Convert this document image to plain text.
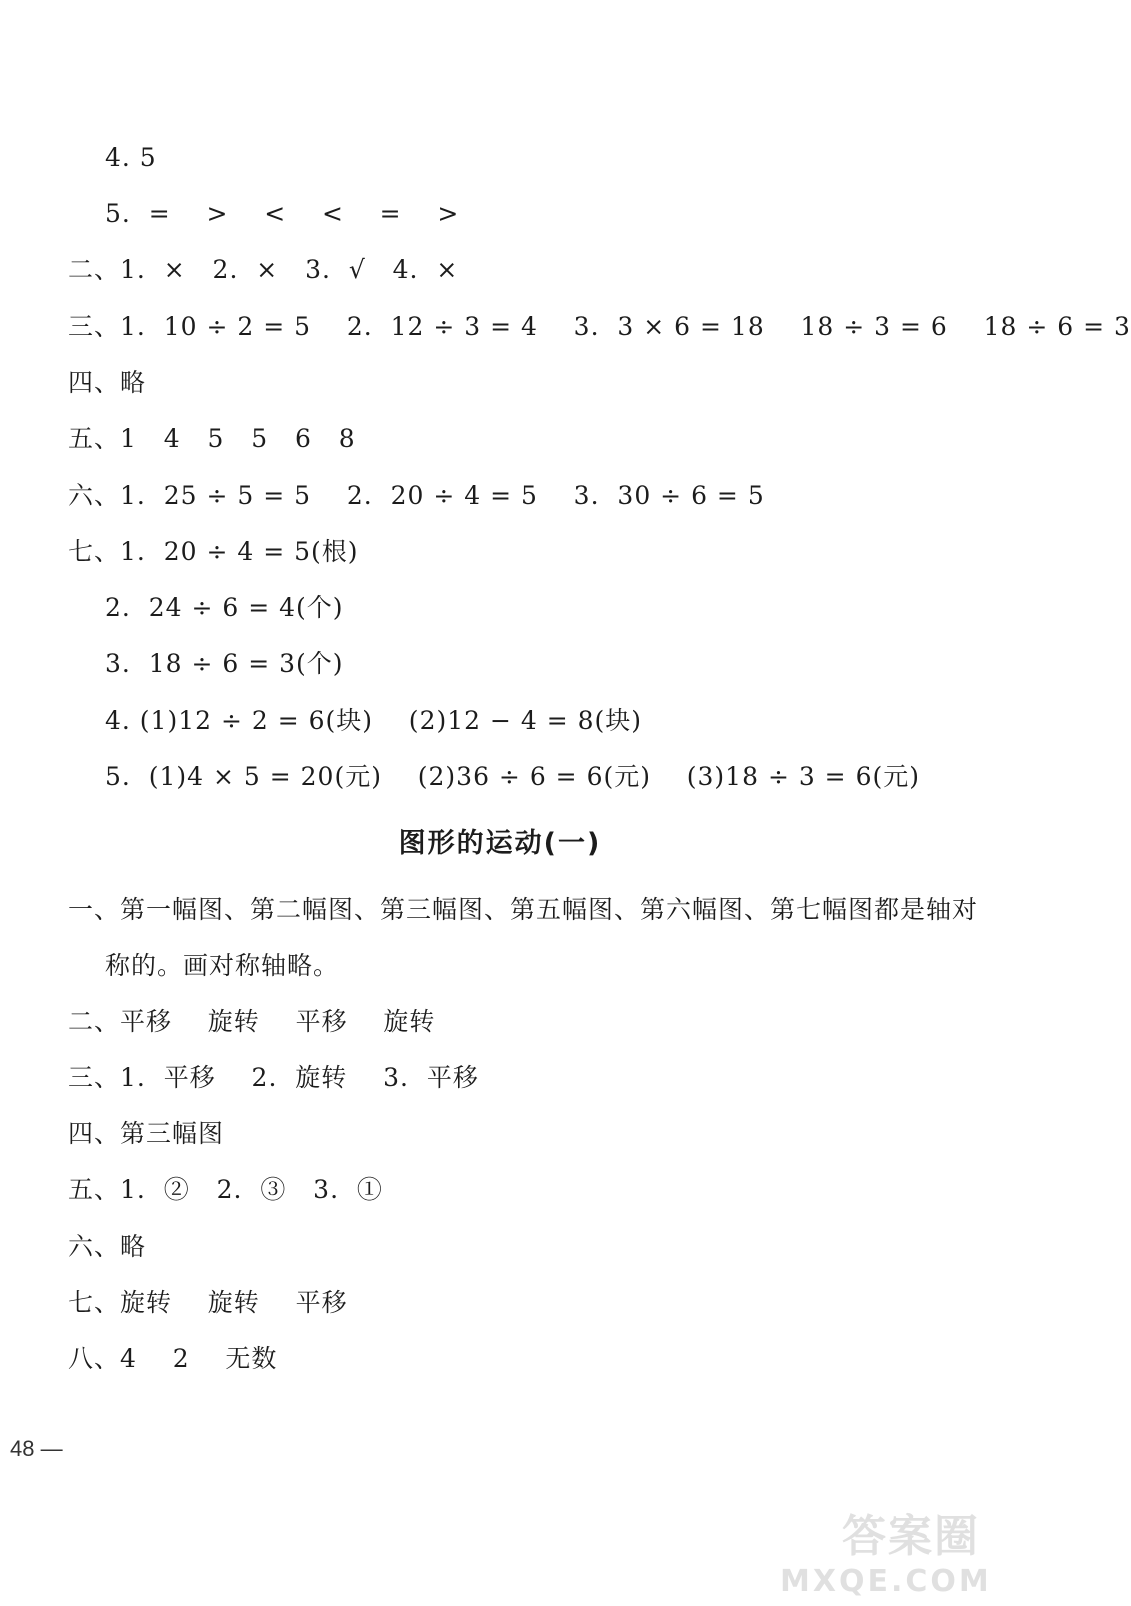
4. 5
5.  =    >    <    <    =    >
二、1.  ×   2.  ×   3.  √   4.  ×
三、1.  10 ÷ 2 = 5    2.  12 ÷ 3 = 4    3.  3 × 6 = 18    18 ÷ 3 = 6    18 ÷ 6 = 3
四、略
五、1   4   5   5   6   8
六、1.  25 ÷ 5 = 5    2.  20 ÷ 4 = 5    3.  30 ÷ 6 = 5
七、1.  20 ÷ 4 = 5(根)
2.  24 ÷ 6 = 4(个)
3.  18 ÷ 6 = 3(个)
4. (1)12 ÷ 2 = 6(块)    (2)12 − 4 = 8(块)
5.  (1)4 × 5 = 20(元)    (2)36 ÷ 6 = 6(元)    (3)18 ÷ 3 = 6(元)
图形的运动(一)
一、第一幅图、第二幅图、第三幅图、第五幅图、第六幅图、第七幅图都是轴对
称的。画对称轴略。
二、平移    旋转    平移    旋转
三、1.  平移    2.  旋转    3.  平移
四、第三幅图
五、1.  ②   2.  ③   3.  ①
六、略
七、旋转    旋转    平移
八、4    2    无数
48 —
答案圈
MXQE.COM
